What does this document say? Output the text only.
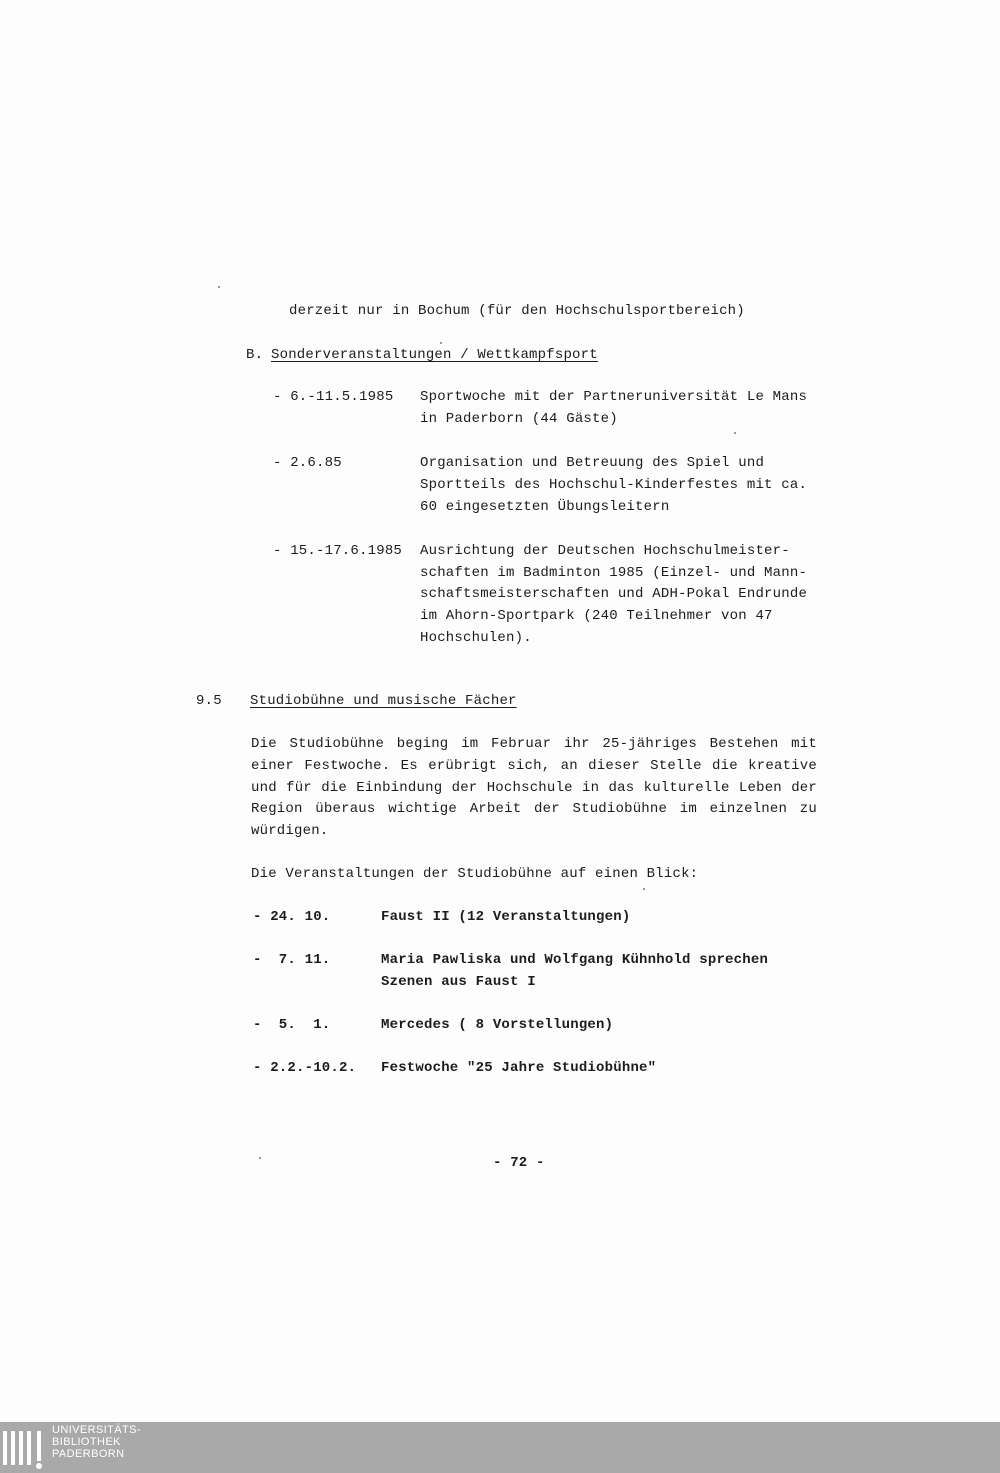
derzeit nur in Bochum (für den Hochschulsportbereich)
B. Sonderveranstaltungen / Wettkampfsport
- 6.-11.5.1985 Sportwoche mit der Partneruniversität Le Mans
in Paderborn (44 Gäste)
- 2.6.85	Organisation und Betreuung des Spiel und
Sportteils des Hochschul-Kinderfestes mit ca.
60 eingesetzten Übungsleitern
- 15.-17.6.1985 Ausrichtung der Deutschen Hochschulmeister-
schaften im Badminton 1985 (Einzel- und Mann-
schaftsmeisterschaften und ADH-Pokal Endrunde
im Ahorn-Sportpark (240 Teilnehmer von 47
Hochschulen).
9.5 Studiobühne und musische Fächer
Die Studiobühne beging im Februar ihr 25-jähriges Bestehen mit
einer Festwoche. Es erübrigt sich, an dieser Stelle die kreative
und für die Einbindung der Hochschule in das kulturelle Leben der
Region überaus wichtige Arbeit der Studiobühne im einzelnen zu
würdigen.
Die Veranstaltungen der Studiobühne auf einen Blick:
- 24. 10.	Faust II (12 Veranstaltungen)
-  7. 11.	Maria Pawliska und Wolfgang Kühnhold sprechen
Szenen aus Faust I
-  5.  1.	Mercedes ( 8 Vorstellungen)
- 2.2.-10.2. Festwoche "25 Jahre Studiobühne"
- 72 -
UNIVERSITÄTS-
BIBLIOTHEK
PADERBORN
